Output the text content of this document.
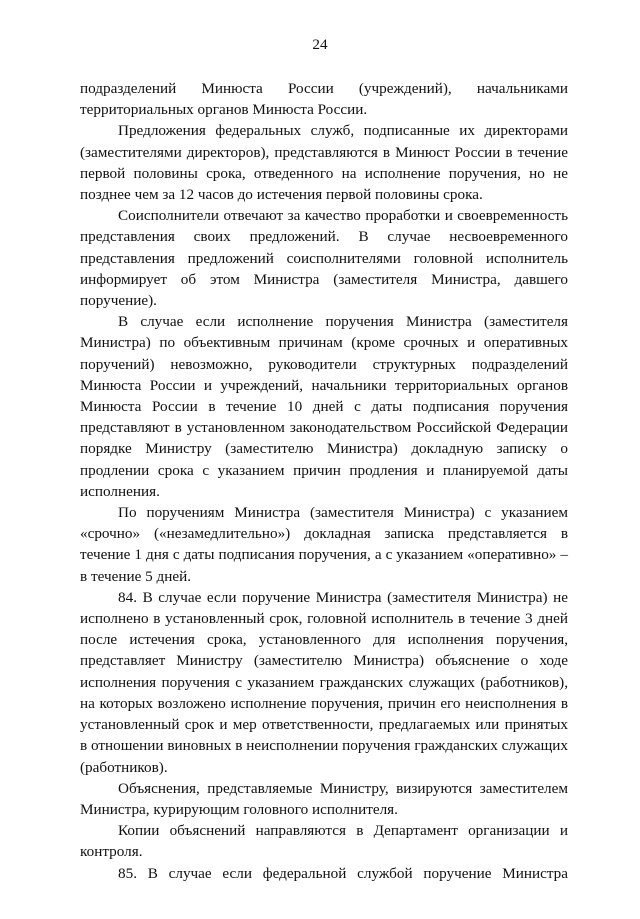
24

подразделений Минюста России (учреждений), начальниками территориальных органов Минюста России.

Предложения федеральных служб, подписанные их директорами (заместителями директоров), представляются в Минюст России в течение первой половины срока, отведенного на исполнение поручения, но не позднее чем за 12 часов до истечения первой половины срока.

Соисполнители отвечают за качество проработки и своевременность представления своих предложений. В случае несвоевременного представления предложений соисполнителями головной исполнитель информирует об этом Министра (заместителя Министра, давшего поручение).

В случае если исполнение поручения Министра (заместителя Министра) по объективным причинам (кроме срочных и оперативных поручений) невозможно, руководители структурных подразделений Минюста России и учреждений, начальники территориальных органов Минюста России в течение 10 дней с даты подписания поручения представляют в установленном законодательством Российской Федерации порядке Министру (заместителю Министра) докладную записку о продлении срока с указанием причин продления и планируемой даты исполнения.

По поручениям Министра (заместителя Министра) с указанием «срочно» («незамедлительно») докладная записка представляется в течение 1 дня с даты подписания поручения, а с указанием «оперативно» – в течение 5 дней.

84. В случае если поручение Министра (заместителя Министра) не исполнено в установленный срок, головной исполнитель в течение 3 дней после истечения срока, установленного для исполнения поручения, представляет Министру (заместителю Министра) объяснение о ходе исполнения поручения с указанием гражданских служащих (работников), на которых возложено исполнение поручения, причин его неисполнения в установленный срок и мер ответственности, предлагаемых или принятых в отношении виновных в неисполнении поручения гражданских служащих (работников).

Объяснения, представляемые Министру, визируются заместителем Министра, курирующим головного исполнителя.

Копии объяснений направляются в Департамент организации и контроля.

85. В случае если федеральной службой поручение Министра
